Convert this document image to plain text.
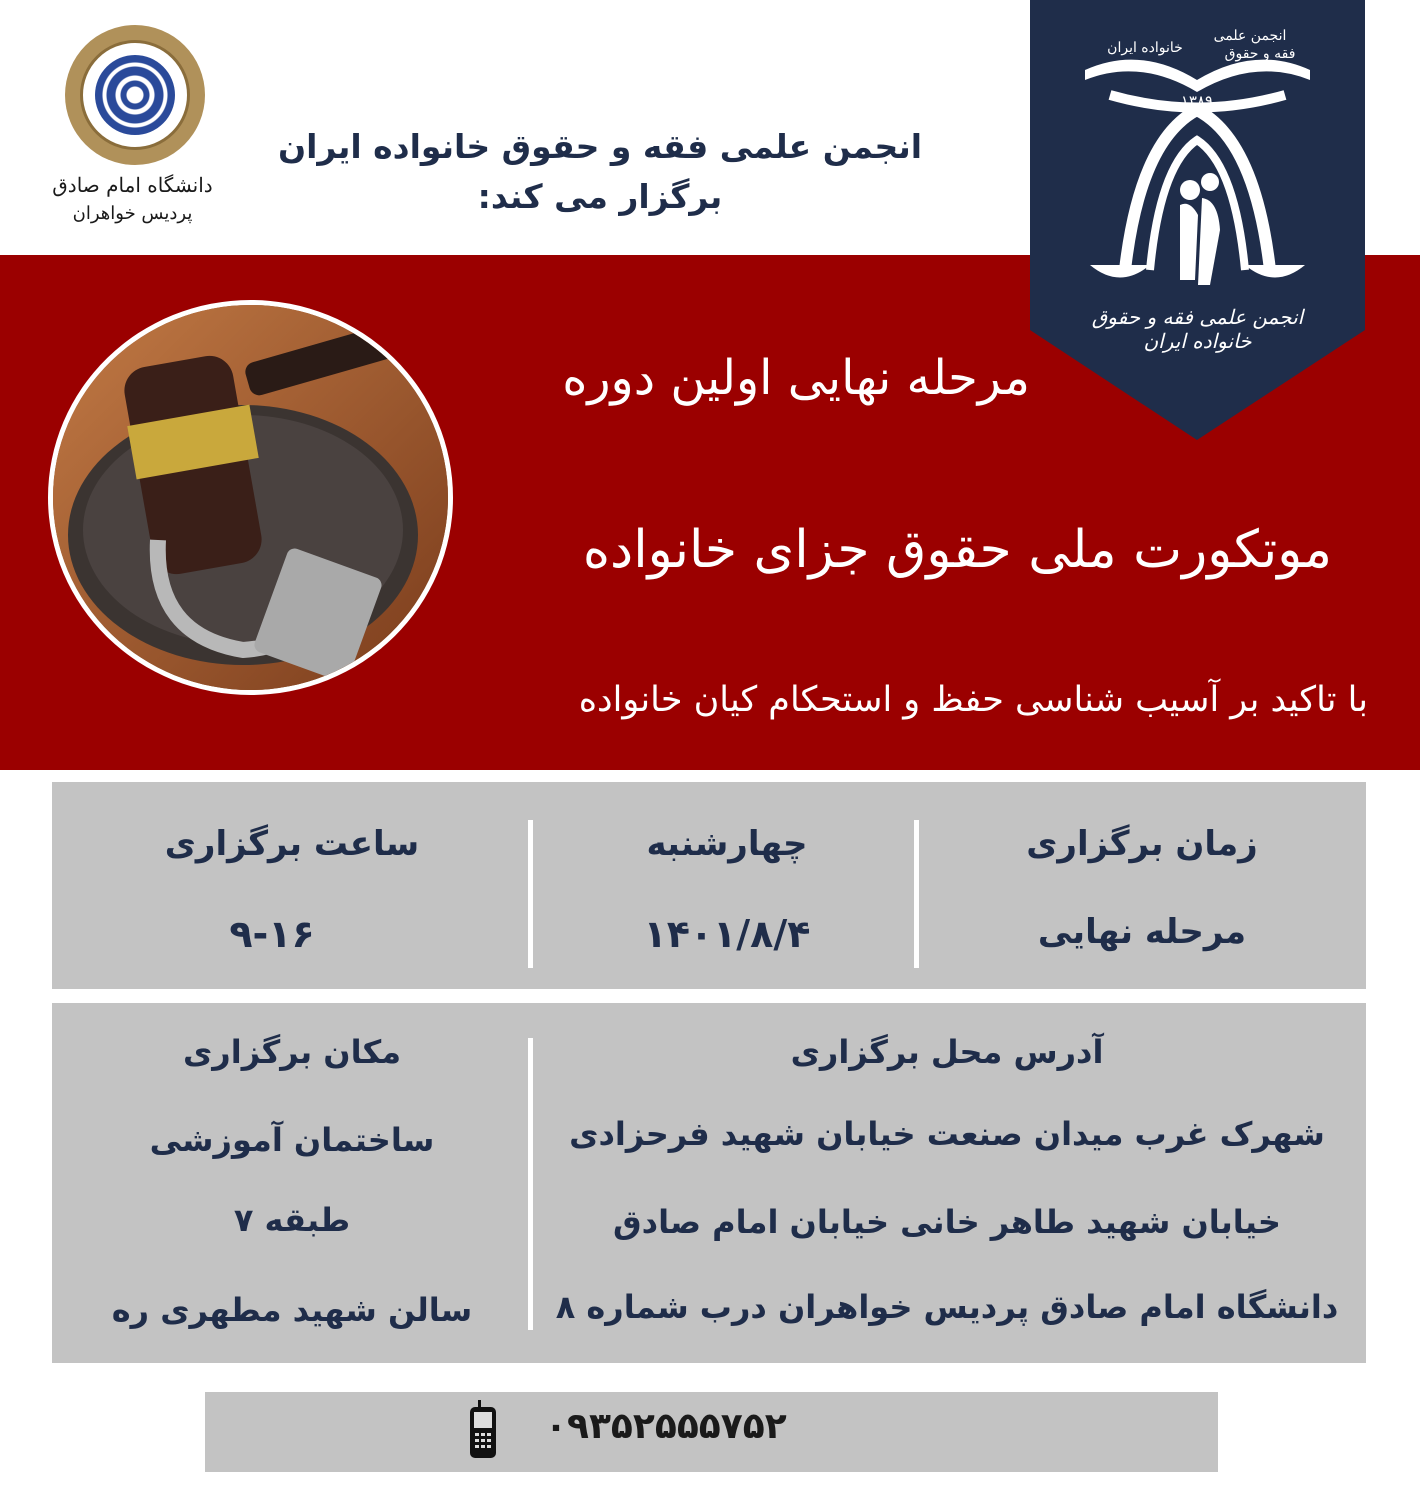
دانشگاه امام صادق
پردیس خواهران
انجمن علمی فقه و حقوق خانواده ایران
برگزار می کند:
انجمن علمی
فقه و حقوق
خانواده ایران
۱۳۸۹
انجمن علمی فقه و حقوق خانواده ایران
مرحله نهایی اولین دوره
موتکورت ملی حقوق جزای خانواده
با تاکید بر آسیب شناسی حفظ و استحکام کیان خانواده
زمان برگزاری
مرحله نهایی
چهارشنبه
۱۴۰۱/۸/۴
ساعت برگزاری
۹-۱۶
آدرس محل برگزاری
شهرک غرب میدان صنعت خیابان شهید فرحزادی
خیابان شهید طاهر خانی خیابان امام صادق
دانشگاه امام صادق پردیس خواهران درب شماره ۸
مکان برگزاری
ساختمان آموزشی
طبقه ۷
سالن شهید مطهری ره
۰۹۳۵۲۵۵۵۷۵۲
